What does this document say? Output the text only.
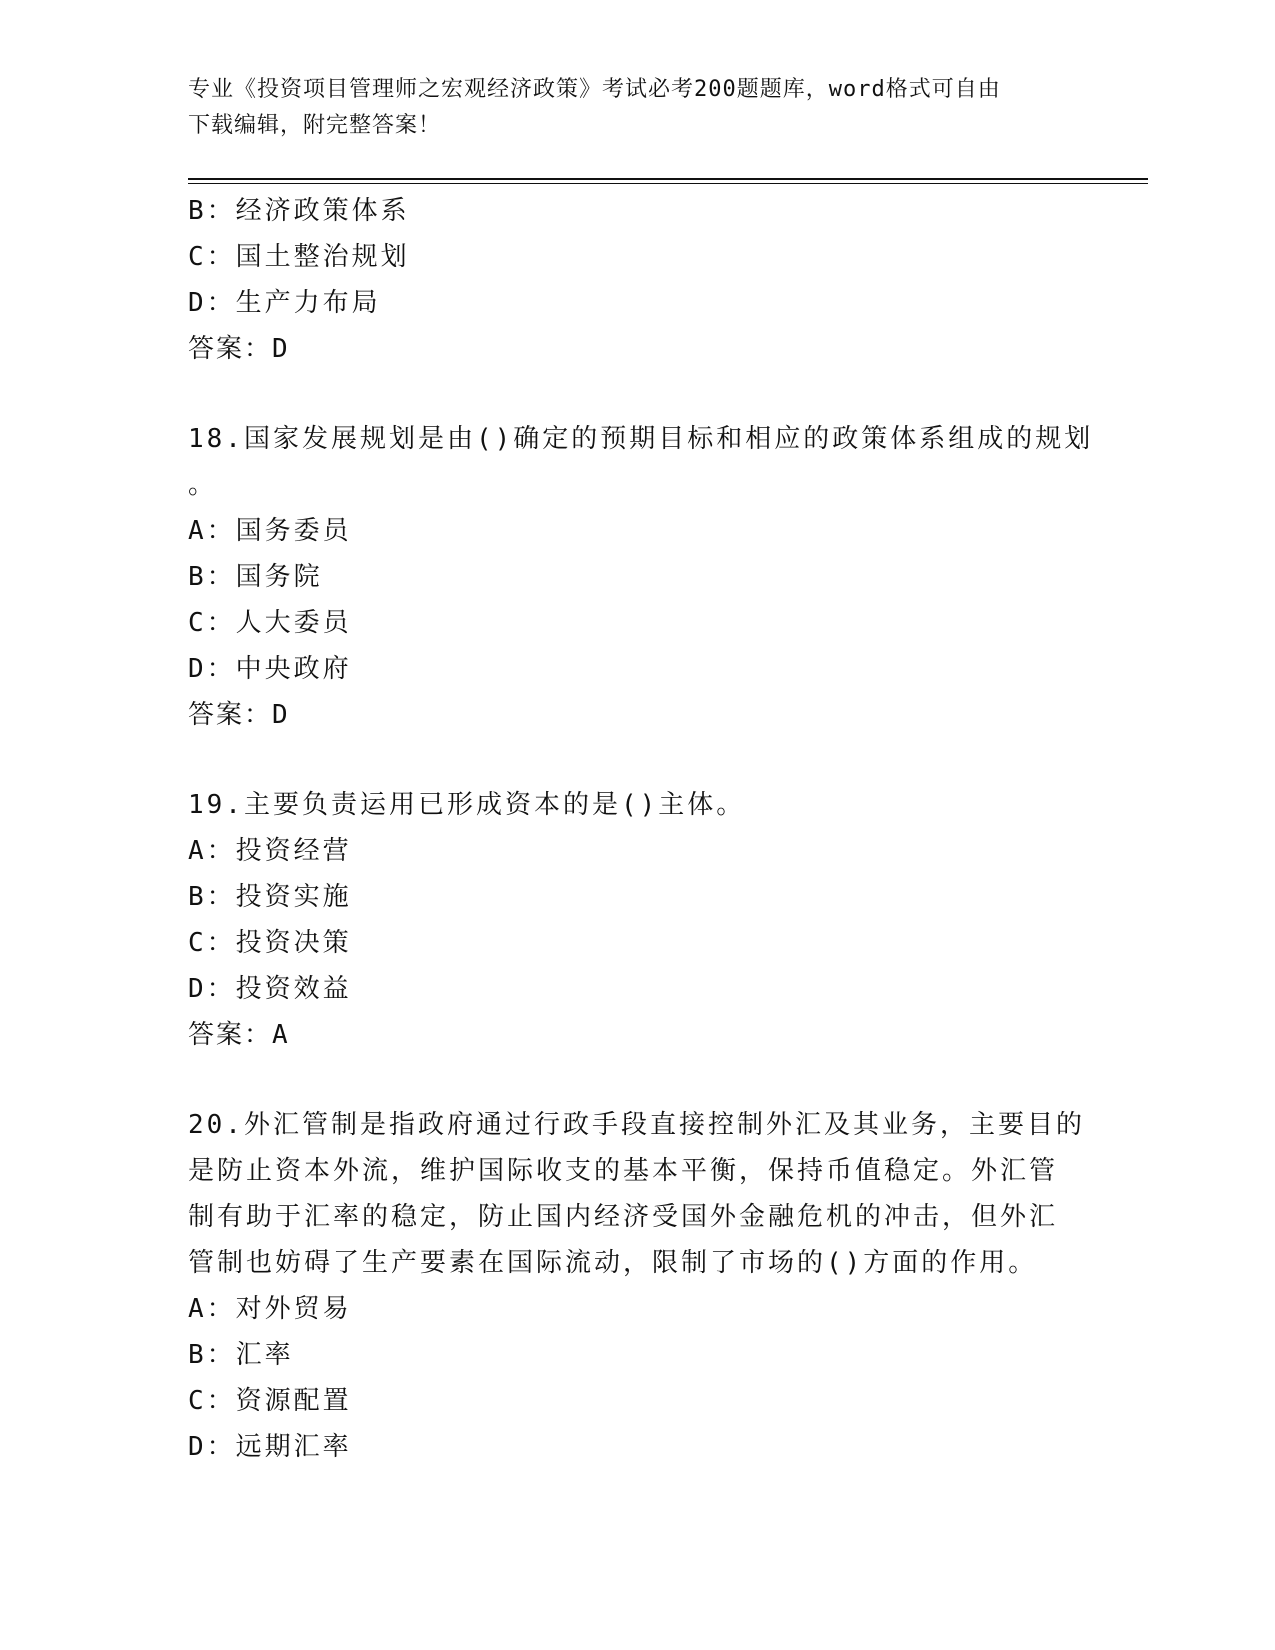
专业《投资项目管理师之宏观经济政策》考试必考200题题库，word格式可自由
下载编辑，附完整答案！
B：经济政策体系
C：国土整治规划
D：生产力布局
答案：D
18.国家发展规划是由()确定的预期目标和相应的政策体系组成的规划
。
A：国务委员
B：国务院
C：人大委员
D：中央政府
答案：D
19.主要负责运用已形成资本的是()主体。
A：投资经营
B：投资实施
C：投资决策
D：投资效益
答案：A
20.外汇管制是指政府通过行政手段直接控制外汇及其业务，主要目的
是防止资本外流，维护国际收支的基本平衡，保持币值稳定。外汇管
制有助于汇率的稳定，防止国内经济受国外金融危机的冲击，但外汇
管制也妨碍了生产要素在国际流动，限制了市场的()方面的作用。
A：对外贸易
B：汇率
C：资源配置
D：远期汇率
